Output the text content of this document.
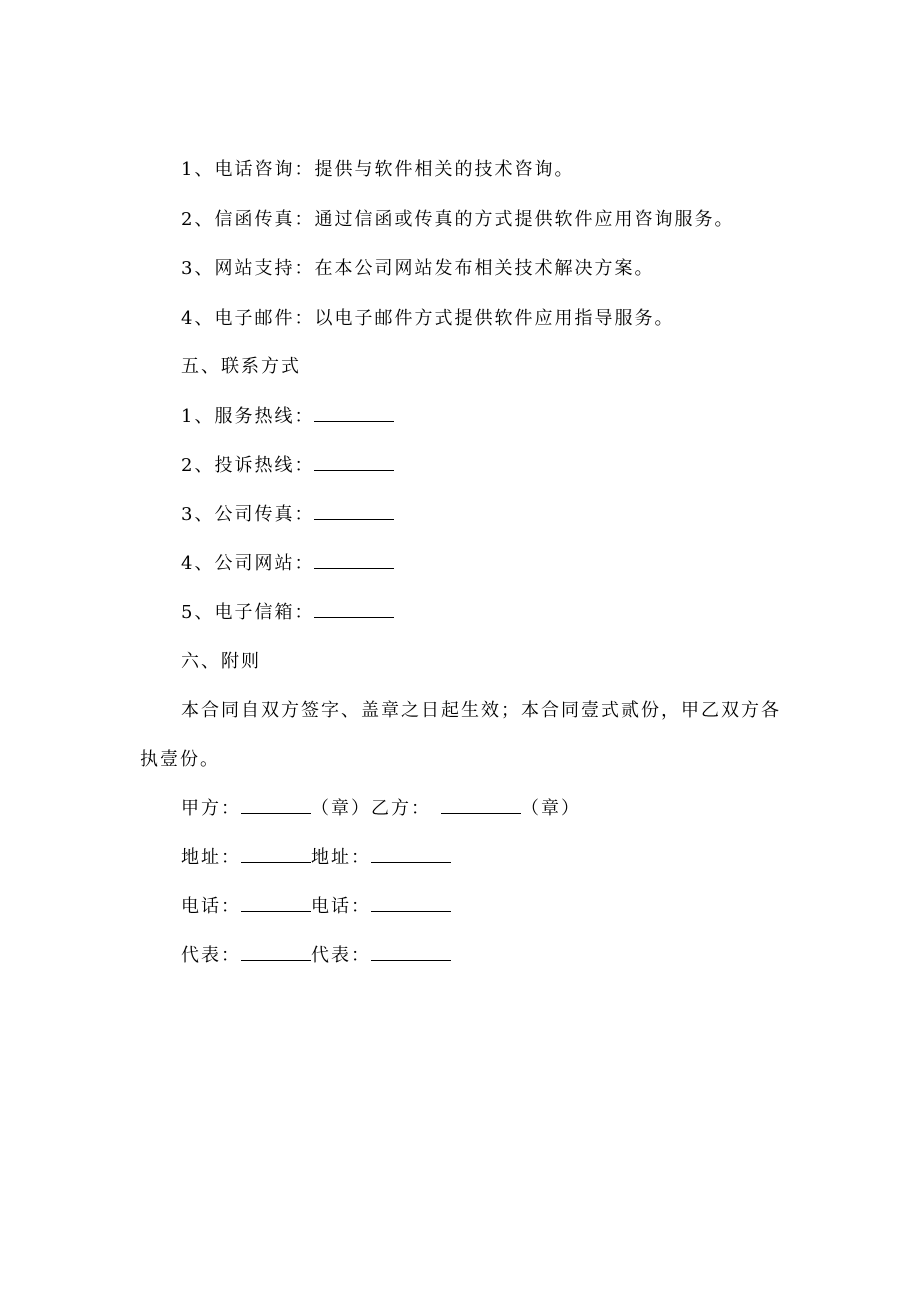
1、电话咨询：提供与软件相关的技术咨询。
2、信函传真：通过信函或传真的方式提供软件应用咨询服务。
3、网站支持：在本公司网站发布相关技术解决方案。
4、电子邮件：以电子邮件方式提供软件应用指导服务。
五、联系方式
1、服务热线：
2、投诉热线：
3、公司传真：
4、公司网站：
5、电子信箱：
六、附则
本合同自双方签字、盖章之日起生效；本合同壹式贰份，甲乙双方各
执壹份。
甲方：	（章）乙方：	（章）
地址：	地址：
电话：	电话：
代表：	代表：
